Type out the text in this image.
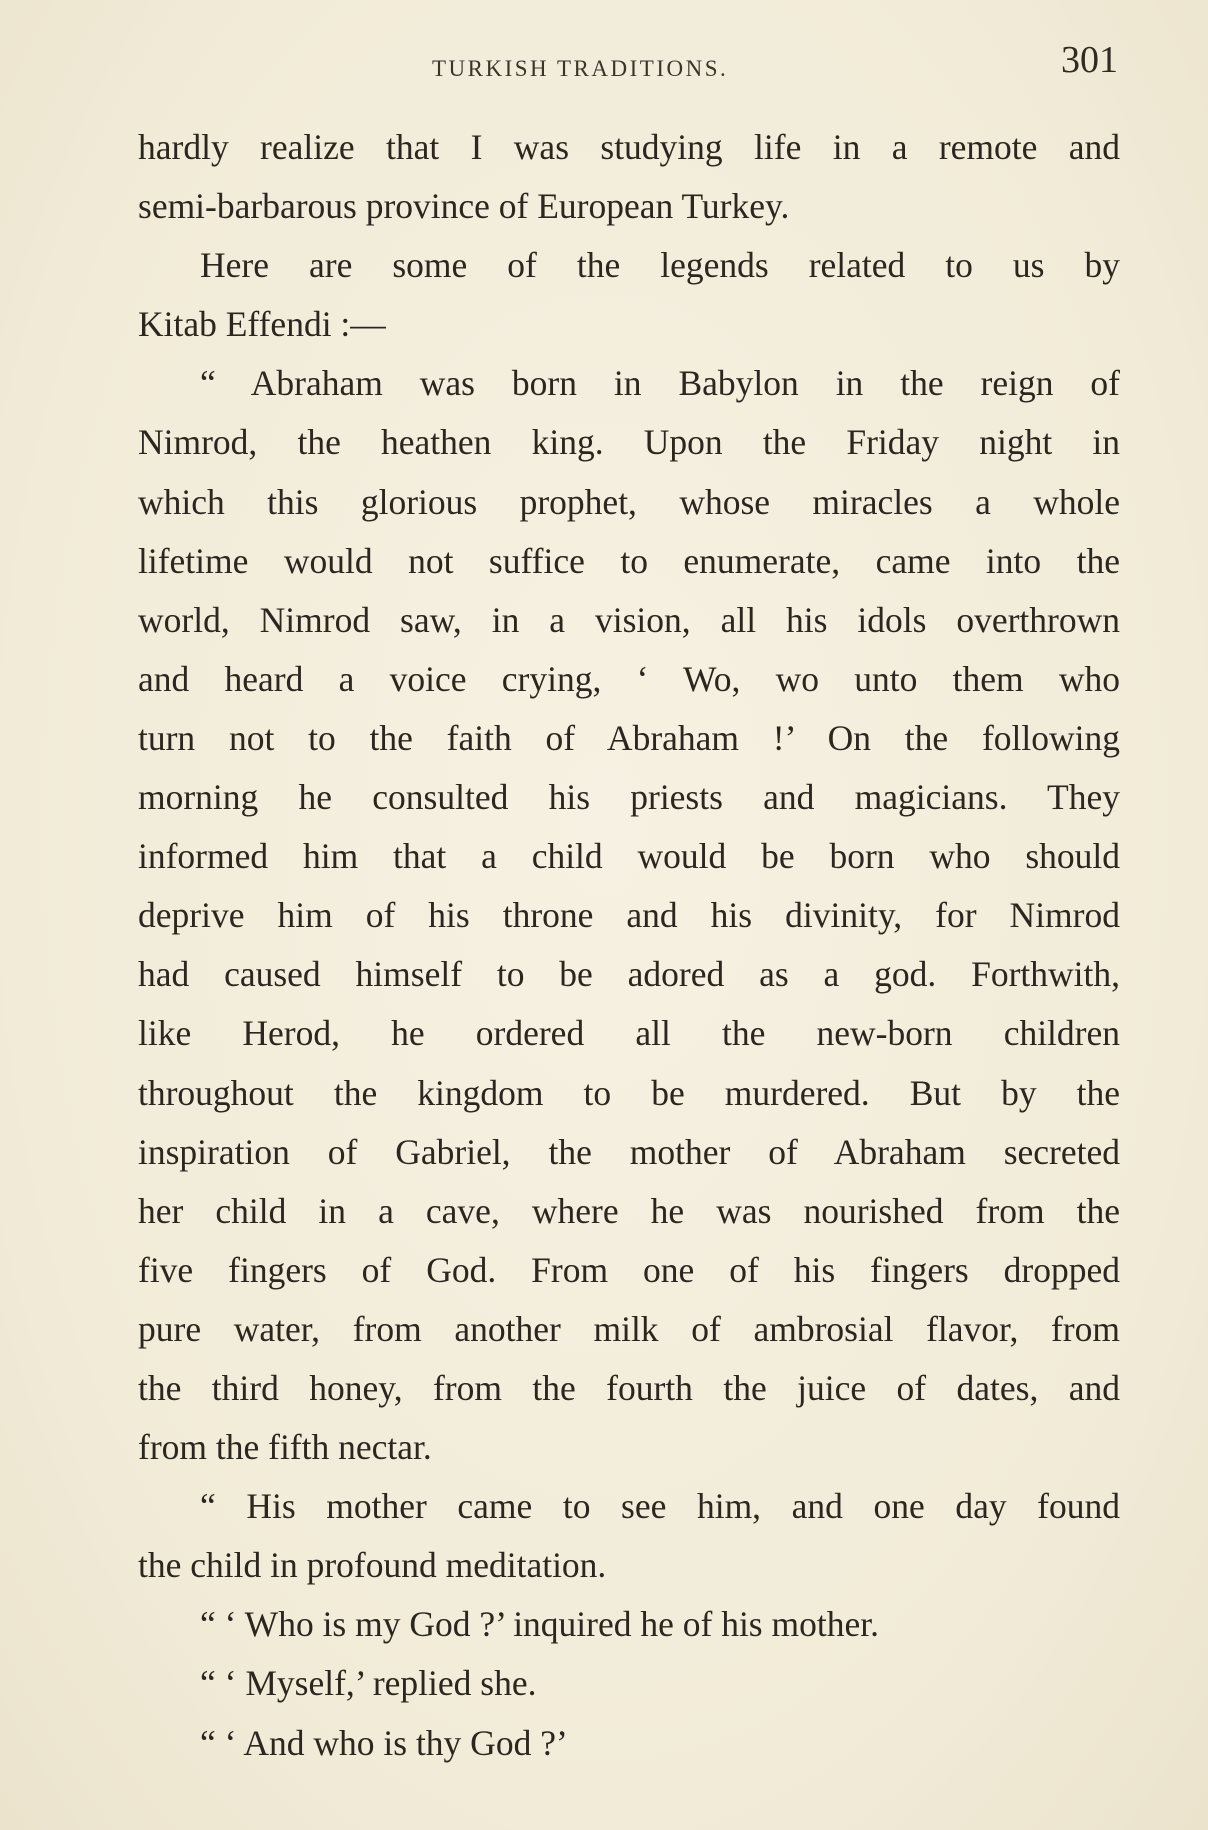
TURKISH TRADITIONS.	301
hardly realize that I was studying life in a remote and
semi-barbarous province of European Turkey.
Here are some of the legends related to us by
Kitab Effendi :—
“ Abraham was born in Babylon in the reign of
Nimrod, the heathen king. Upon the Friday night in
which this glorious prophet, whose miracles a whole
lifetime would not suffice to enumerate, came into the
world, Nimrod saw, in a vision, all his idols overthrown
and heard a voice crying, ‘ Wo, wo unto them who
turn not to the faith of Abraham !’ On the following
morning he consulted his priests and magicians. They
informed him that a child would be born who should
deprive him of his throne and his divinity, for Nimrod
had caused himself to be adored as a god. Forthwith,
like Herod, he ordered all the new-born children
throughout the kingdom to be murdered. But by the
inspiration of Gabriel, the mother of Abraham secreted
her child in a cave, where he was nourished from the
five fingers of God. From one of his fingers dropped
pure water, from another milk of ambrosial flavor, from
the third honey, from the fourth the juice of dates, and
from the fifth nectar.
“ His mother came to see him, and one day found
the child in profound meditation.
“ ‘ Who is my God ?’ inquired he of his mother.
“ ‘ Myself,’ replied she.
“ ‘ And who is thy God ?’
